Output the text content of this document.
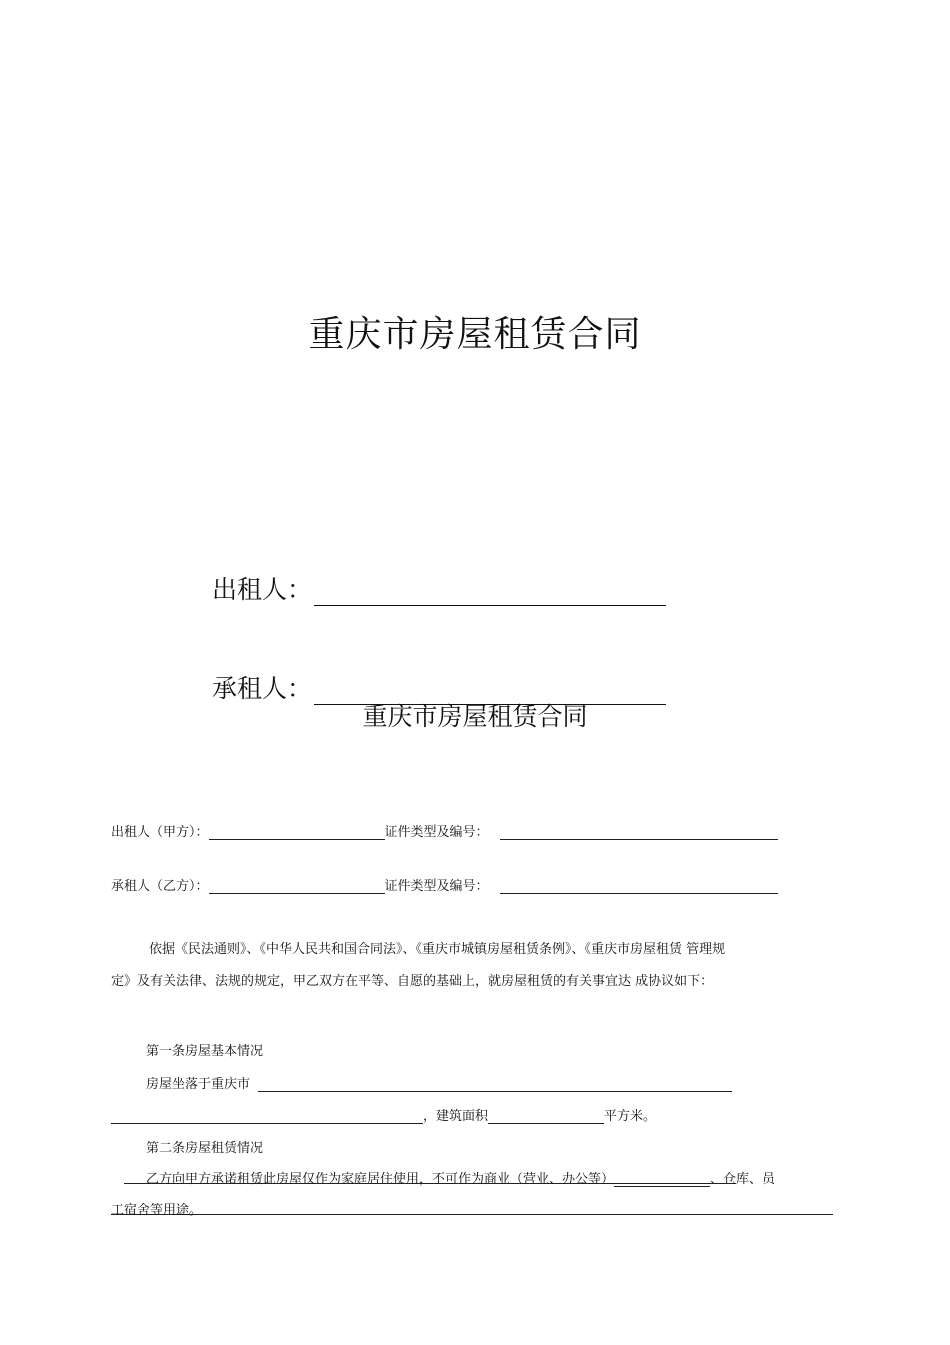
重庆市房屋租赁合同
出租人：
承租人：
重庆市房屋租赁合同
出租人（甲方）：	证件类型及编号：
承租人（乙方）：	证件类型及编号：
依据《民法通则》、《中华人民共和国合同法》、《重庆市城镇房屋租赁条例》、《重庆市房屋租赁 管理规
定》及有关法律、法规的规定，甲乙双方在平等、自愿的基础上，就房屋租赁的有关事宜达 成协议如下：
第一条房屋基本情况
房屋坐落于重庆市
，建筑面积	平方米。
第二条房屋租赁情况
乙方向甲方承诺租赁此房屋仅作为家庭居住使用，不可作为商业（营业、办公等）	、仓库、员
工宿舍等用途。
